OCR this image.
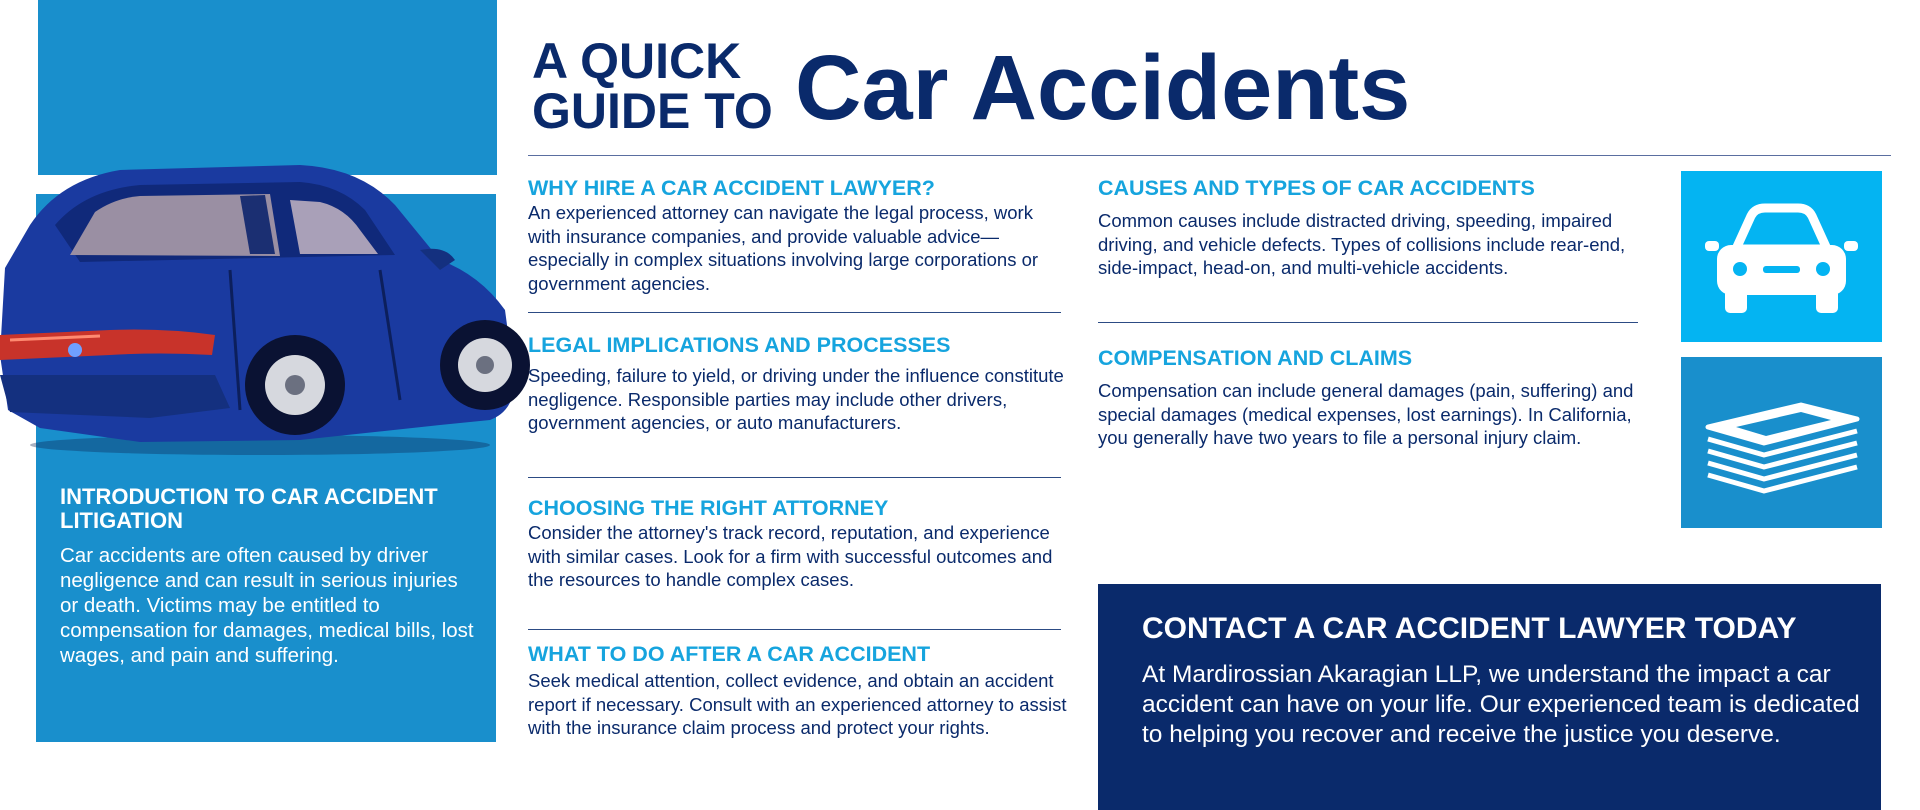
INTRODUCTION TO CAR ACCIDENT LITIGATION

Car accidents are often caused by driver negligence and can result in serious injuries or death. Victims may be entitled to compensation for damages, medical bills, lost wages, and pain and suffering.

A QUICK GUIDE TO Car Accidents
WHY HIRE A CAR ACCIDENT LAWYER?

An experienced attorney can navigate the legal process, work with insurance companies, and provide valuable advice—especially in complex situations involving large corporations or government agencies.

LEGAL IMPLICATIONS AND PROCESSES

Speeding, failure to yield, or driving under the influence constitute negligence. Responsible parties may include other drivers, government agencies, or auto manufacturers.

CHOOSING THE RIGHT ATTORNEY

Consider the attorney's track record, reputation, and experience with similar cases. Look for a firm with successful outcomes and the resources to handle complex cases.

WHAT TO DO AFTER A CAR ACCIDENT

Seek medical attention, collect evidence, and obtain an accident report if necessary. Consult with an experienced attorney to assist with the insurance claim process and protect your rights.

CAUSES AND TYPES OF CAR ACCIDENTS

Common causes include distracted driving, speeding, impaired driving, and vehicle defects. Types of collisions include rear-end, side-impact, head-on, and multi-vehicle accidents.

COMPENSATION AND CLAIMS

Compensation can include general damages (pain, suffering) and special damages (medical expenses, lost earnings). In California, you generally have two years to file a personal injury claim.

CONTACT A CAR ACCIDENT LAWYER TODAY

At Mardirossian Akaragian LLP, we understand the impact a car accident can have on your life. Our experienced team is dedicated to helping you recover and receive the justice you deserve.
